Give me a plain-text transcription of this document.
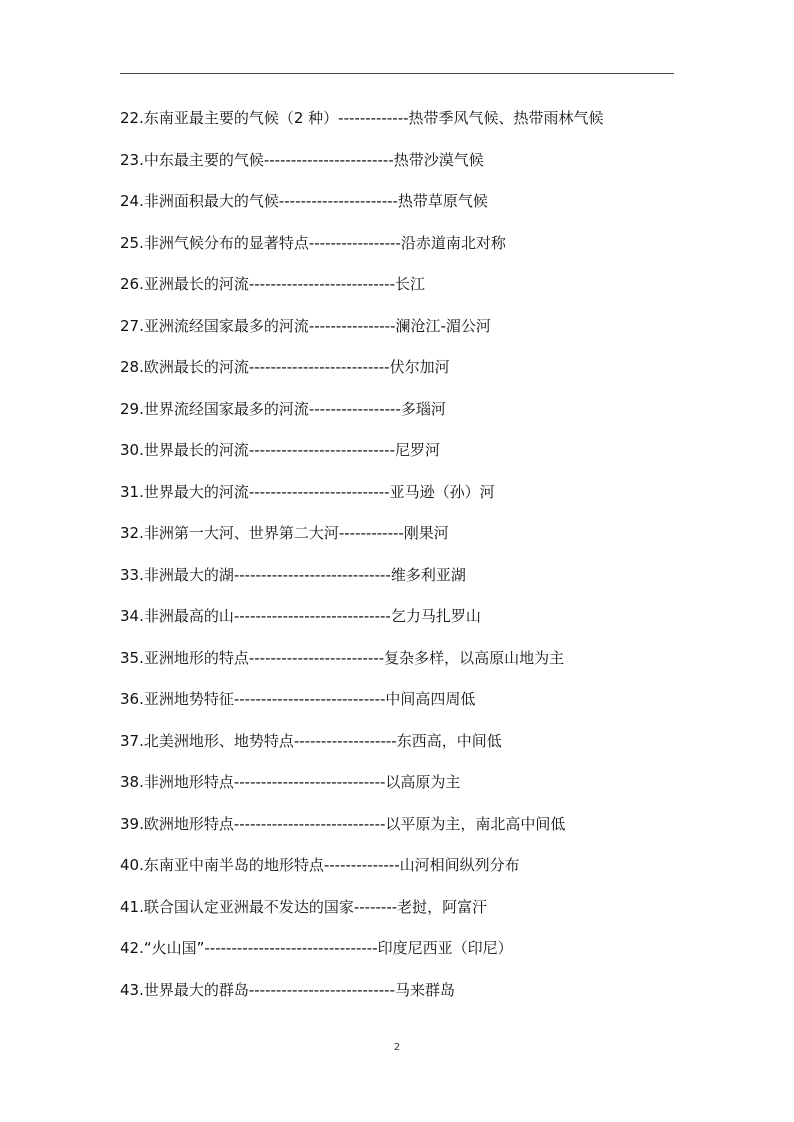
22.东南亚最主要的气候（2 种）-------------热带季风气候、热带雨林气候
23.中东最主要的气候------------------------热带沙漠气候
24.非洲面积最大的气候----------------------热带草原气候
25.非洲气候分布的显著特点-----------------沿赤道南北对称
26.亚洲最长的河流---------------------------长江
27.亚洲流经国家最多的河流----------------澜沧江-湄公河
28.欧洲最长的河流--------------------------伏尔加河
29.世界流经国家最多的河流-----------------多瑙河
30.世界最长的河流---------------------------尼罗河
31.世界最大的河流--------------------------亚马逊（孙）河
32.非洲第一大河、世界第二大河------------刚果河
33.非洲最大的湖-----------------------------维多利亚湖
34.非洲最高的山-----------------------------乞力马扎罗山
35.亚洲地形的特点-------------------------复杂多样，以高原山地为主
36.亚洲地势特征----------------------------中间高四周低
37.北美洲地形、地势特点-------------------东西高，中间低
38.非洲地形特点----------------------------以高原为主
39.欧洲地形特点----------------------------以平原为主，南北高中间低
40.东南亚中南半岛的地形特点--------------山河相间纵列分布
41.联合国认定亚洲最不发达的国家--------老挝，阿富汗
42.“火山国”--------------------------------印度尼西亚（印尼）
43.世界最大的群岛---------------------------马来群岛
2
